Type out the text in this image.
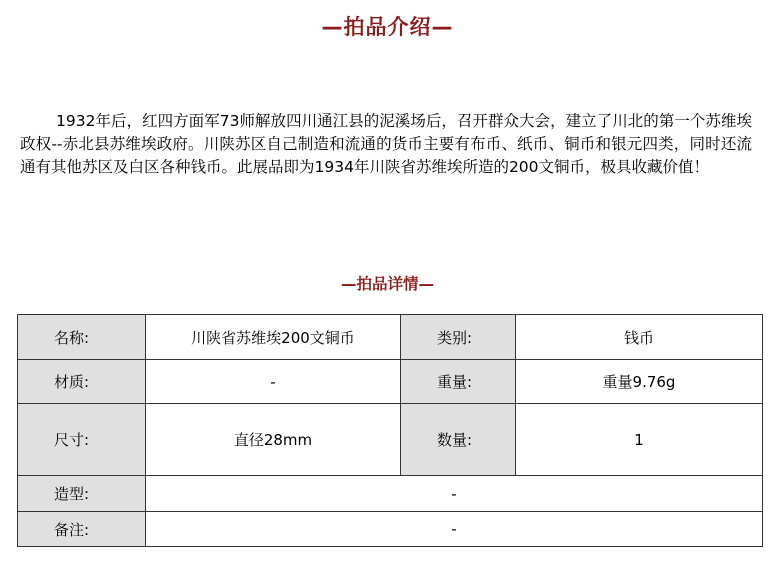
—拍品介绍—

1932年后，红四方面军73师解放四川通江县的泥溪场后，召开群众大会，建立了川北的第一个苏维埃政权--赤北县苏维埃政府。川陕苏区自己制造和流通的货币主要有布币、纸币、铜币和银元四类，同时还流通有其他苏区及白区各种钱币。此展品即为1934年川陕省苏维埃所造的200文铜币，极具收藏价值！

—拍品详情—
名称:	川陕省苏维埃200文铜币	类别:	钱币
材质:	-	重量:	重量9.76g
尺寸:	直径28mm	数量:	1
造型:	-		
备注:	-		
